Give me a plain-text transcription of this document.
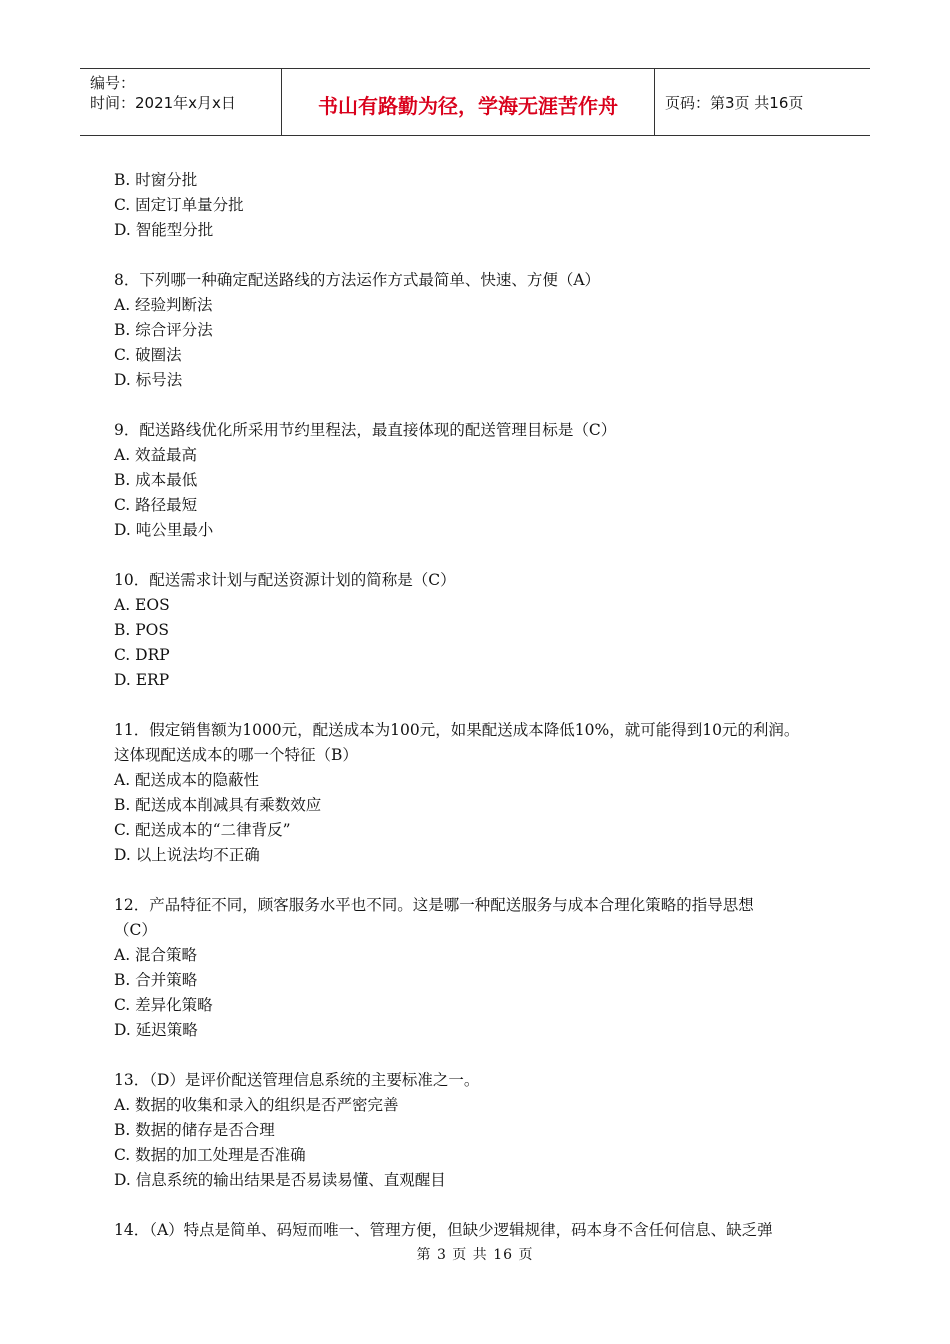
编号：
时间：2021年x月x日	书山有路勤为径，学海无涯苦作舟	页码：第3页 共16页
B. 时窗分批
C. 固定订单量分批
D. 智能型分批
8．下列哪一种确定配送路线的方法运作方式最简单、快速、方便（A）
A. 经验判断法
B. 综合评分法
C. 破圈法
D. 标号法
9．配送路线优化所采用节约里程法，最直接体现的配送管理目标是（C）
A. 效益最高
B. 成本最低
C. 路径最短
D. 吨公里最小
10．配送需求计划与配送资源计划的简称是（C）
A. EOS
B. POS
C. DRP
D. ERP
11．假定销售额为1000元，配送成本为100元，如果配送成本降低10%，就可能得到10元的利润。
这体现配送成本的哪一个特征（B）
A. 配送成本的隐蔽性
B. 配送成本削减具有乘数效应
C. 配送成本的“二律背反”
D. 以上说法均不正确
12．产品特征不同，顾客服务水平也不同。这是哪一种配送服务与成本合理化策略的指导思想
（C）
A. 混合策略
B. 合并策略
C. 差异化策略
D. 延迟策略
13．（D）是评价配送管理信息系统的主要标准之一。
A. 数据的收集和录入的组织是否严密完善
B. 数据的储存是否合理
C. 数据的加工处理是否准确
D. 信息系统的输出结果是否易读易懂、直观醒目
14．（A）特点是简单、码短而唯一、管理方便，但缺少逻辑规律，码本身不含任何信息、缺乏弹
第 3 页 共 16 页
